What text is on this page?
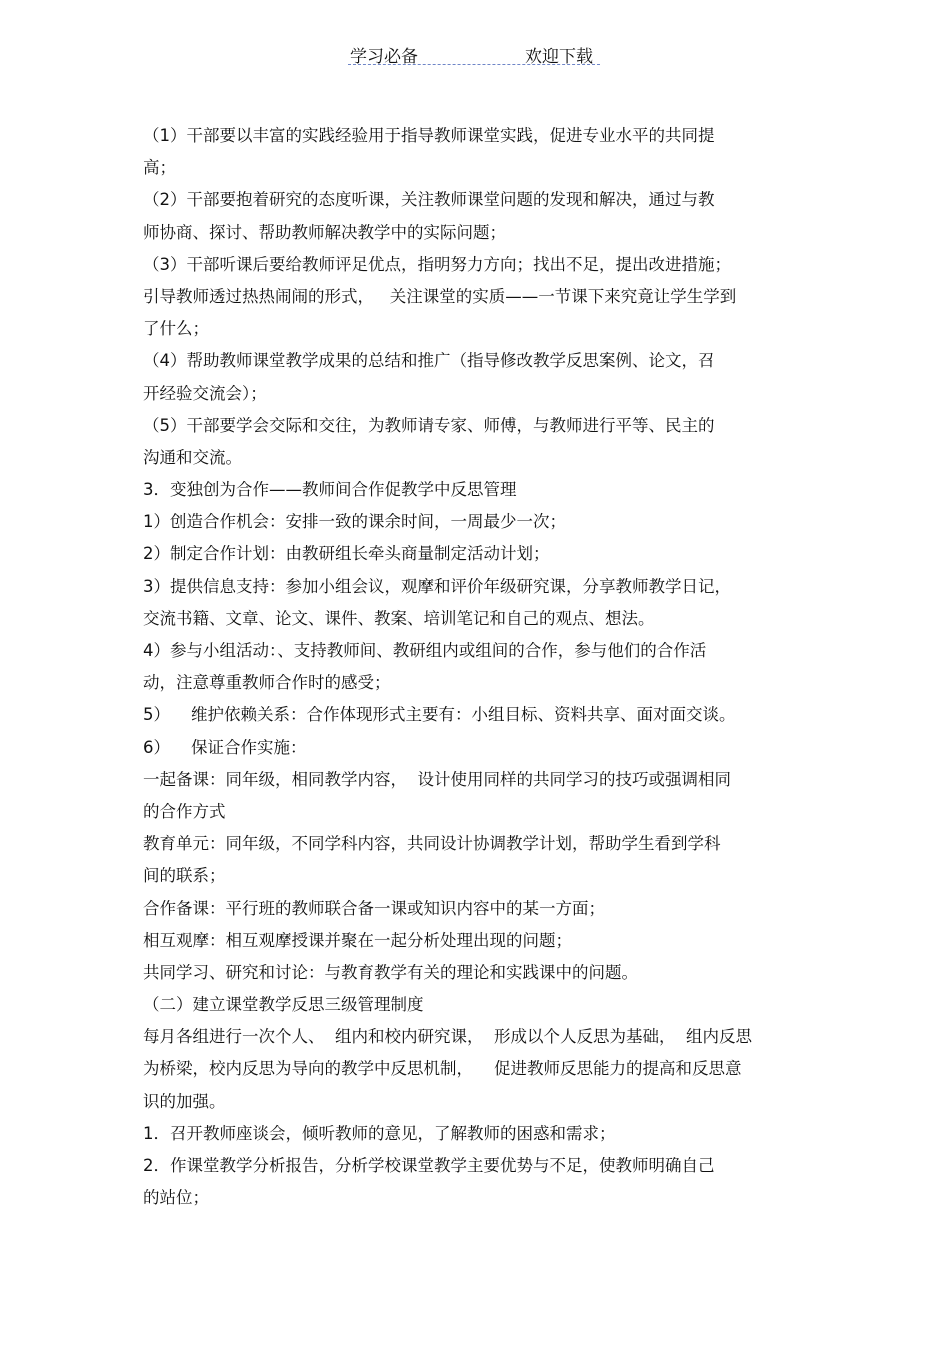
学习必备	欢迎下载
（1）干部要以丰富的实践经验用于指导教师课堂实践，促进专业水平的共同提
高；
（2）干部要抱着研究的态度听课，关注教师课堂问题的发现和解决，通过与教
师协商、探讨、帮助教师解决教学中的实际问题；
（3）干部听课后要给教师评足优点，指明努力方向；找出不足，提出改进措施；
引导教师透过热热闹闹的形式，   关注课堂的实质——一节课下来究竟让学生学到
了什么；
（4）帮助教师课堂教学成果的总结和推广（指导修改教学反思案例、论文，召
开经验交流会）；
（5）干部要学会交际和交往，为教师请专家、师傅，与教师进行平等、民主的
沟通和交流。
3．变独创为合作——教师间合作促教学中反思管理
1）创造合作机会：安排一致的课余时间，一周最少一次；
2）制定合作计划：由教研组长牵头商量制定活动计划；
3）提供信息支持：参加小组会议，观摩和评价年级研究课，分享教师教学日记，
交流书籍、文章、论文、课件、教案、培训笔记和自己的观点、想法。
4）参与小组活动：、支持教师间、教研组内或组间的合作，参与他们的合作活
动，注意尊重教师合作时的感受；
5）    维护依赖关系：合作体现形式主要有：小组目标、资料共享、面对面交谈。
6）    保证合作实施：
一起备课：同年级，相同教学内容，  设计使用同样的共同学习的技巧或强调相同
的合作方式
教育单元：同年级，不同学科内容，共同设计协调教学计划，帮助学生看到学科
间的联系；
合作备课：平行班的教师联合备一课或知识内容中的某一方面；
相互观摩：相互观摩授课并聚在一起分析处理出现的问题；
共同学习、研究和讨论：与教育教学有关的理论和实践课中的问题。
（二）建立课堂教学反思三级管理制度
每月各组进行一次个人、  组内和校内研究课，  形成以个人反思为基础，  组内反思
为桥梁，校内反思为导向的教学中反思机制，    促进教师反思能力的提高和反思意
识的加强。
1．召开教师座谈会，倾听教师的意见，了解教师的困惑和需求；
2．作课堂教学分析报告，分析学校课堂教学主要优势与不足，使教师明确自己
的站位；
